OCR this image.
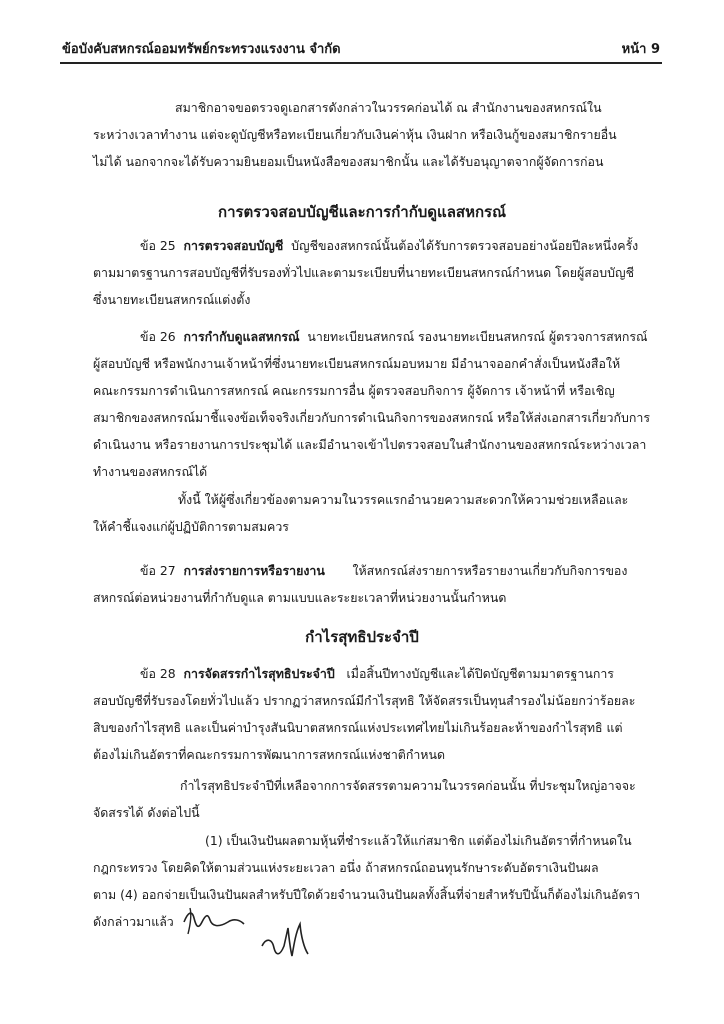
ข้อบังคับสหกรณ์ออมทรัพย์กระทรวงแรงงาน จำกัด	หน้า 9
สมาชิกอาจขอตรวจดูเอกสารดังกล่าวในวรรคก่อนได้ ณ สำนักงานของสหกรณ์ใน
ระหว่างเวลาทำงาน แต่จะดูบัญชีหรือทะเบียนเกี่ยวกับเงินค่าหุ้น เงินฝาก หรือเงินกู้ของสมาชิกรายอื่น
ไม่ได้ นอกจากจะได้รับความยินยอมเป็นหนังสือของสมาชิกนั้น และได้รับอนุญาตจากผู้จัดการก่อน
การตรวจสอบบัญชีและการกำกับดูแลสหกรณ์
ข้อ 25 การตรวจสอบบัญชี บัญชีของสหกรณ์นั้นต้องได้รับการตรวจสอบอย่างน้อยปีละหนึ่งครั้ง
ตามมาตรฐานการสอบบัญชีที่รับรองทั่วไปและตามระเบียบที่นายทะเบียนสหกรณ์กำหนด โดยผู้สอบบัญชี
ซึ่งนายทะเบียนสหกรณ์แต่งตั้ง
ข้อ 26 การกำกับดูแลสหกรณ์ นายทะเบียนสหกรณ์ รองนายทะเบียนสหกรณ์ ผู้ตรวจการสหกรณ์
ผู้สอบบัญชี หรือพนักงานเจ้าหน้าที่ซึ่งนายทะเบียนสหกรณ์มอบหมาย มีอำนาจออกคำสั่งเป็นหนังสือให้
คณะกรรมการดำเนินการสหกรณ์ คณะกรรมการอื่น ผู้ตรวจสอบกิจการ ผู้จัดการ เจ้าหน้าที่ หรือเชิญ
สมาชิกของสหกรณ์มาชี้แจงข้อเท็จจริงเกี่ยวกับการดำเนินกิจการของสหกรณ์ หรือให้ส่งเอกสารเกี่ยวกับการ
ดำเนินงาน หรือรายงานการประชุมได้ และมีอำนาจเข้าไปตรวจสอบในสำนักงานของสหกรณ์ระหว่างเวลา
ทำงานของสหกรณ์ได้
ทั้งนี้ ให้ผู้ซึ่งเกี่ยวข้องตามความในวรรคแรกอำนวยความสะดวกให้ความช่วยเหลือและ
ให้คำชี้แจงแก่ผู้ปฏิบัติการตามสมควร
ข้อ 27 การส่งรายการหรือรายงาน ให้สหกรณ์ส่งรายการหรือรายงานเกี่ยวกับกิจการของ
สหกรณ์ต่อหน่วยงานที่กำกับดูแล ตามแบบและระยะเวลาที่หน่วยงานนั้นกำหนด
กำไรสุทธิประจำปี
ข้อ 28 การจัดสรรกำไรสุทธิประจำปี เมื่อสิ้นปีทางบัญชีและได้ปิดบัญชีตามมาตรฐานการ
สอบบัญชีที่รับรองโดยทั่วไปแล้ว ปรากฏว่าสหกรณ์มีกำไรสุทธิ ให้จัดสรรเป็นทุนสำรองไม่น้อยกว่าร้อยละ
สิบของกำไรสุทธิ และเป็นค่าบำรุงสันนิบาตสหกรณ์แห่งประเทศไทยไม่เกินร้อยละห้าของกำไรสุทธิ แต่
ต้องไม่เกินอัตราที่คณะกรรมการพัฒนาการสหกรณ์แห่งชาติกำหนด
กำไรสุทธิประจำปีที่เหลือจากการจัดสรรตามความในวรรคก่อนนั้น ที่ประชุมใหญ่อาจจะ
จัดสรรได้ ดังต่อไปนี้
(1) เป็นเงินปันผลตามหุ้นที่ชำระแล้วให้แก่สมาชิก แต่ต้องไม่เกินอัตราที่กำหนดใน
กฎกระทรวง โดยคิดให้ตามส่วนแห่งระยะเวลา อนึ่ง ถ้าสหกรณ์ถอนทุนรักษาระดับอัตราเงินปันผล
ตาม (4) ออกจ่ายเป็นเงินปันผลสำหรับปีใดด้วยจำนวนเงินปันผลทั้งสิ้นที่จ่ายสำหรับปีนั้นก็ต้องไม่เกินอัตรา
ดังกล่าวมาแล้ว
